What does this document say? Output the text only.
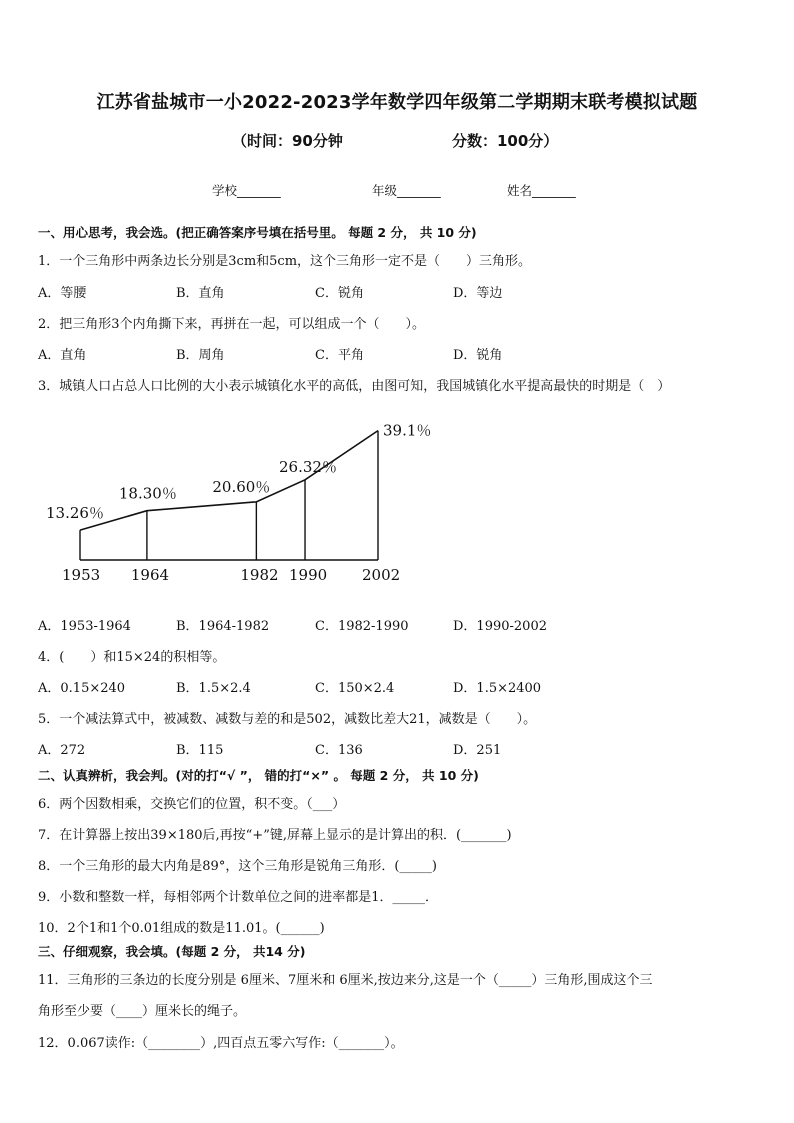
江苏省盐城市一小2022-2023学年数学四年级第二学期期末联考模拟试题
（时间：90分钟	分数：100分）
学校_______	年级_______	姓名_______
一、用心思考，我会选。(把正确答案序号填在括号里。 每题 2 分， 共 10 分)
1．一个三角形中两条边长分别是3cm和5cm，这个三角形一定不是（　　）三角形。
A．等腰	B．直角	C．锐角	D．等边
2．把三角形3个内角撕下来，再拼在一起，可以组成一个（　　）。
A．直角	B．周角	C．平角	D．锐角
3．城镇人口占总人口比例的大小表示城镇化水平的高低，由图可知，我国城镇化水平提高最快的时期是（　）
13.26％
1953
18.30％
1964
20.60％
1982
26.32％
1990
39.1％
2002
A．1953-1964	B．1964-1982	C．1982-1990	D．1990-2002
4．(　　）和15×24的积相等。
A．0.15×240	B．1.5×2.4	C．150×2.4	D．1.5×2400
5．一个减法算式中，被减数、减数与差的和是502，减数比差大21，减数是（　　）。
A．272	B．115	C．136	D．251
二、认真辨析，我会判。(对的打“√ ”， 错的打“×” 。 每题 2 分， 共 10 分)
6．两个因数相乘，交换它们的位置，积不变。（___）
7．在计算器上按出39×180后,再按“+”键,屏幕上显示的是计算出的积．(_______)
8．一个三角形的最大内角是89°，这个三角形是锐角三角形．(_____)
9．小数和整数一样，每相邻两个计数单位之间的进率都是1．_____．
10．2个1和1个0.01组成的数是11.01。(______)
三、仔细观察，我会填。(每题 2 分， 共14 分)
11．三角形的三条边的长度分别是 6厘米、7厘米和 6厘米,按边来分,这是一个（_____）三角形,围成这个三
角形至少要（____）厘米长的绳子。
12．0.067读作:（________）,四百点五零六写作:（_______）。
